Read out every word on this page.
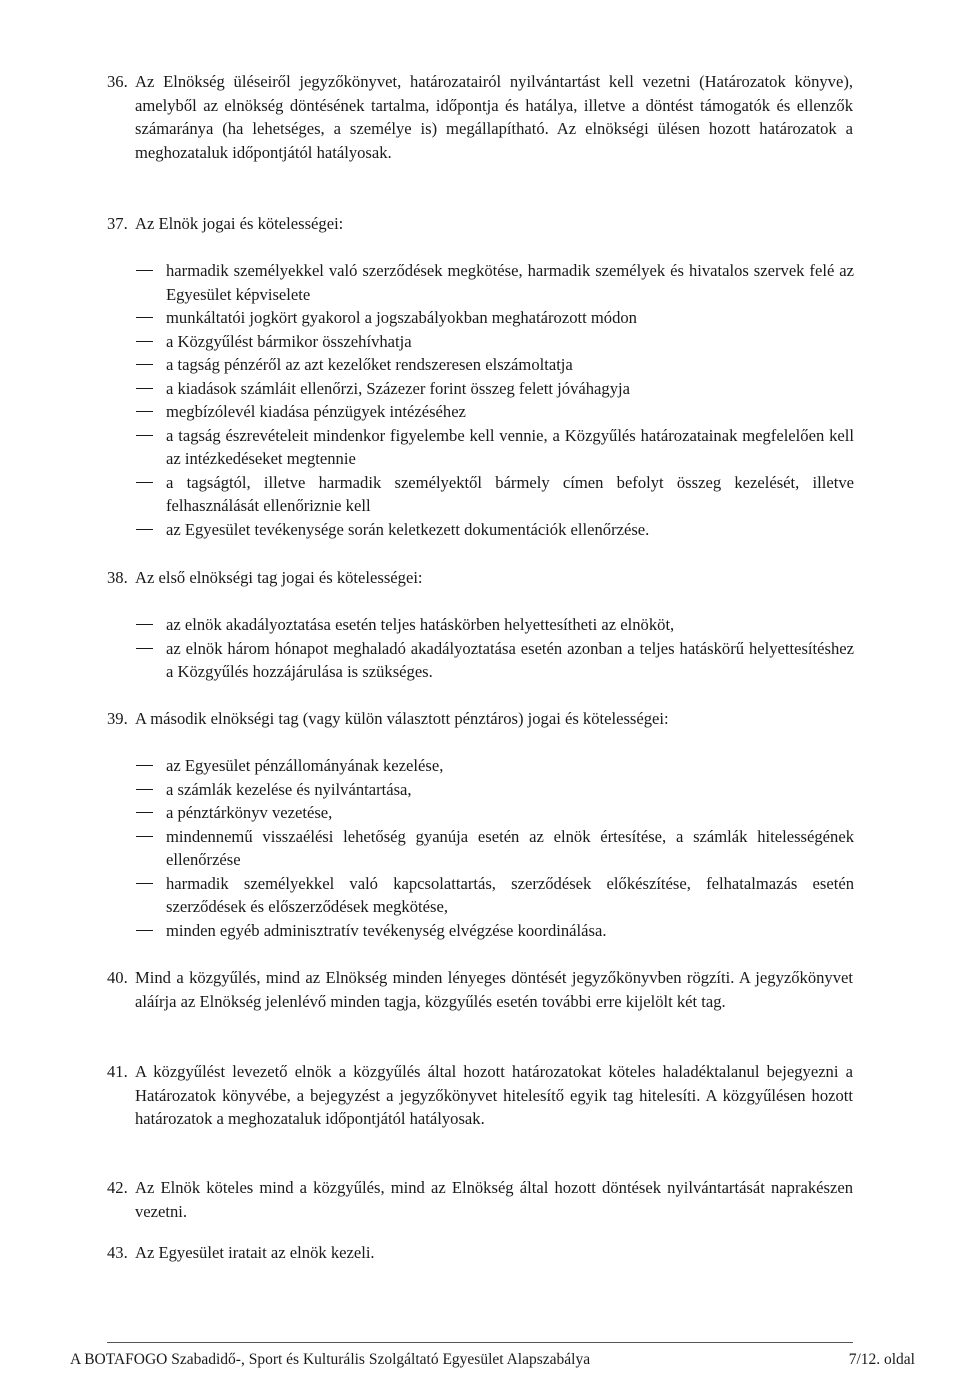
36. Az Elnökség üléseiről jegyzőkönyvet, határozatairól nyilvántartást kell vezetni (Határozatok könyve), amelyből az elnökség döntésének tartalma, időpontja és hatálya, illetve a döntést támogatók és ellenzők számaránya (ha lehetséges, a személye is) megállapítható. Az elnökségi ülésen hozott határozatok a meghozataluk időpontjától hatályosak.
37. Az Elnök jogai és kötelességei:
harmadik személyekkel való szerződések megkötése, harmadik személyek és hivatalos szervek felé az Egyesület képviselete
munkáltatói jogkört gyakorol a jogszabályokban meghatározott módon
a Közgyűlést bármikor összehívhatja
a tagság pénzéről az azt kezelőket rendszeresen elszámoltatja
a kiadások számláit ellenőrzi, Százezer forint összeg felett jóváhagyja
megbízólevél kiadása pénzügyek intézéséhez
a tagság észrevételeit mindenkor figyelembe kell vennie, a Közgyűlés határozatainak megfelelően kell az intézkedéseket megtennie
a tagságtól, illetve harmadik személyektől bármely címen befolyt összeg kezelését, illetve felhasználását ellenőriznie kell
az Egyesület tevékenysége során keletkezett dokumentációk ellenőrzése.
38. Az első elnökségi tag jogai és kötelességei:
az elnök akadályoztatása esetén teljes hatáskörben helyettesítheti az elnököt,
az elnök három hónapot meghaladó akadályoztatása esetén azonban a teljes hatáskörű helyettesítéshez a Közgyűlés hozzájárulása is szükséges.
39. A második elnökségi tag (vagy külön választott pénztáros) jogai és kötelességei:
az Egyesület pénzállományának kezelése,
a számlák kezelése és nyilvántartása,
a pénztárkönyv vezetése,
mindennemű visszaélési lehetőség gyanúja esetén az elnök értesítése, a számlák hitelességének ellenőrzése
harmadik személyekkel való kapcsolattartás, szerződések előkészítése, felhatalmazás esetén szerződések és előszerződések megkötése,
minden egyéb adminisztratív tevékenység elvégzése koordinálása.
40. Mind a közgyűlés, mind az Elnökség minden lényeges döntését jegyzőkönyvben rögzíti. A jegyzőkönyvet aláírja az Elnökség jelenlévő minden tagja, közgyűlés esetén további erre kijelölt két tag.
41. A közgyűlést levezető elnök a közgyűlés által hozott határozatokat köteles haladéktalanul bejegyezni a Határozatok könyvébe, a bejegyzést a jegyzőkönyvet hitelesítő egyik tag hitelesíti. A közgyűlésen hozott határozatok a meghozataluk időpontjától hatályosak.
42. Az Elnök köteles mind a közgyűlés, mind az Elnökség által hozott döntések nyilvántartását naprakészen vezetni.
43. Az Egyesület iratait az elnök kezeli.
A BOTAFOGO Szabadidő-, Sport és Kulturális Szolgáltató Egyesület Alapszabálya	7/12. oldal
